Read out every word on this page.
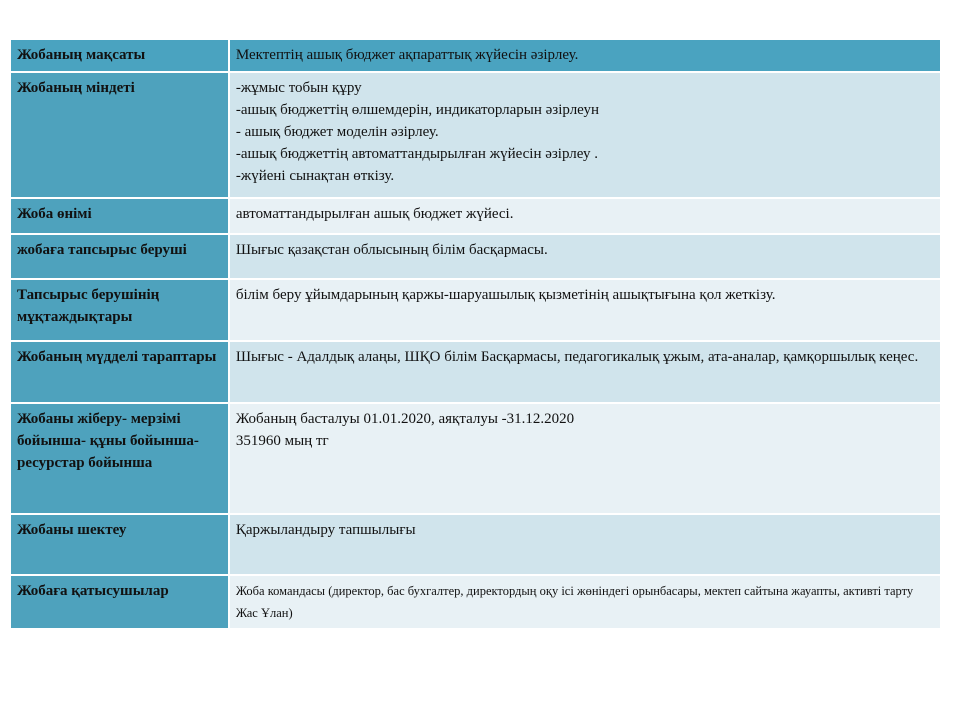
Жобаның мақсаты	Мектептің ашық бюджет ақпараттық жүйесін әзірлеу.

Жобаның міндеті	-жұмыс тобын құру
-ашық бюджеттің өлшемдерін, индикаторларын әзірлеун
- ашық бюджет моделін әзірлеу.
-ашық бюджеттің автоматтандырылған жүйесін әзірлеу .
-жүйені сынақтан өткізу.

Жоба өнімі	автоматтандырылған ашық бюджет жүйесі.

жобаға тапсырыс беруші	Шығыс қазақстан облысының білім басқармасы.

Тапсырыс берушінің мұқтаждықтары	білім беру ұйымдарының қаржы-шаруашылық қызметінің ашықтығына қол жеткізу.

Жобаның мүдделі тараптары	Шығыс - Адалдық алаңы, ШҚО білім Басқармасы, педагогикалық ұжым, ата-аналар, қамқоршылық кеңес.

Жобаны жіберу- мерзімі бойынша- құны бойынша- ресурстар бойынша	Жобаның басталуы 01.01.2020, аяқталуы -31.12.2020
351960 мың тг

Жобаны шектеу	Қаржыландыру тапшылығы

Жобаға қатысушылар	Жоба командасы (директор, бас бухгалтер, директордың оқу ісі жөніндегі орынбасары, мектеп сайтына жауапты, активті тарту Жас Ұлан)
